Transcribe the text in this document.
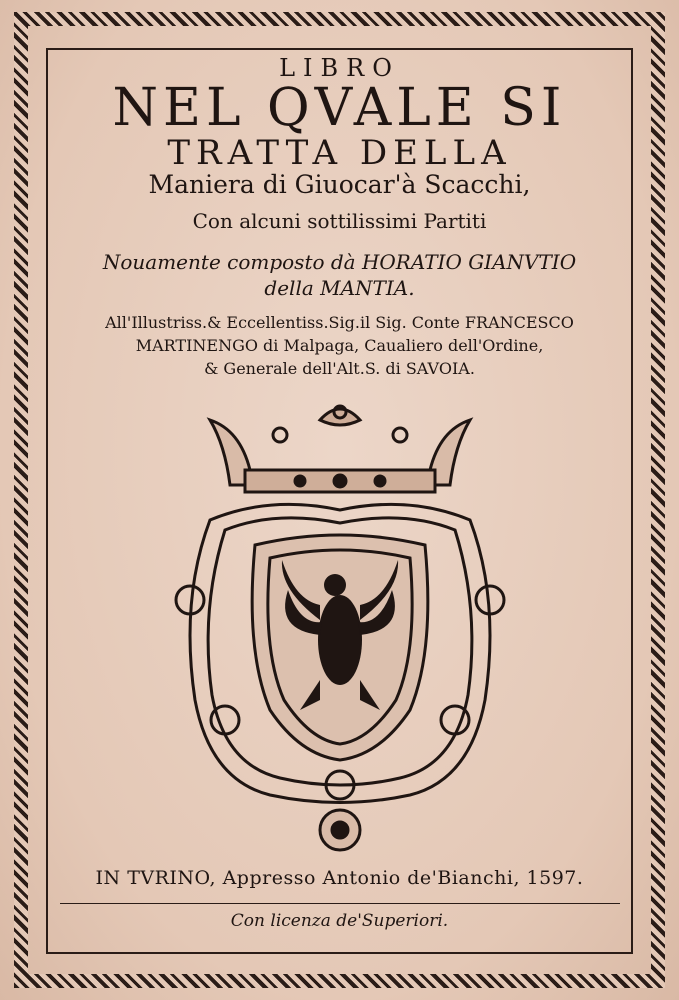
LIBRO
NEL QVALE SI
TRATTA DELLA
Maniera di Giuocar'à Scacchi,
Con alcuni sottilissimi Partiti
Nouamente composto dà HORATIO GIANVTIO
della MANTIA.
All'Illustriss.& Eccellentiss.Sig.il Sig. Conte FRANCESCO
MARTINENGO di Malpaga, Caualiero dell'Ordine,
& Generale dell'Alt.S. di SAVOIA.
IN TVRINO, Appresso Antonio de'Bianchi, 1597.
Con licenza de'Superiori.
